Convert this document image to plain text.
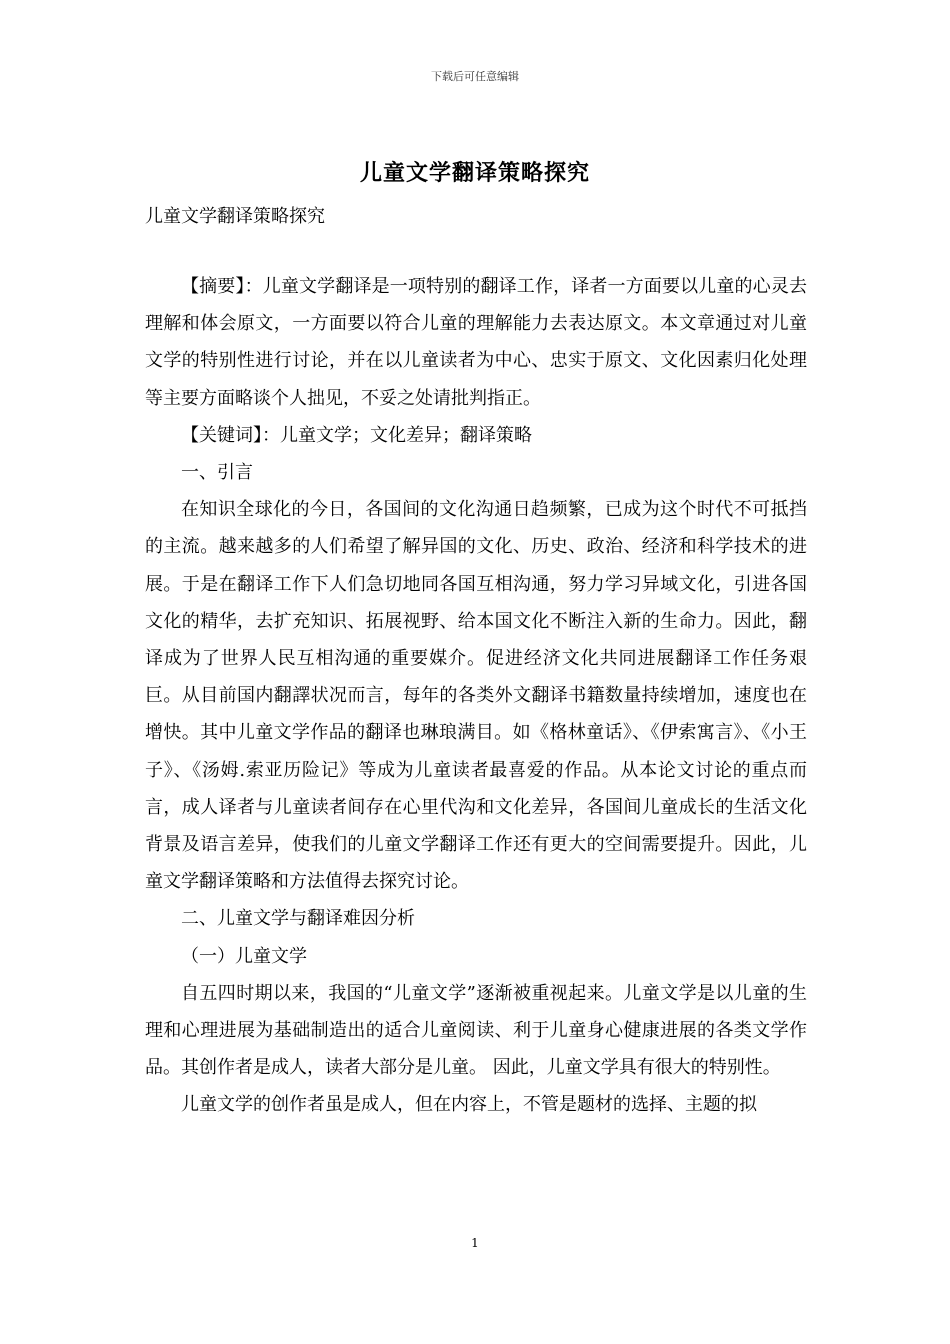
下载后可任意编辑
儿童文学翻译策略探究
儿童文学翻译策略探究

【摘要】：儿童文学翻译是一项特别的翻译工作，译者一方面要以儿童的心灵去理解和体会原文，一方面要以符合儿童的理解能力去表达原文。本文章通过对儿童文学的特别性进行讨论，并在以儿童读者为中心、忠实于原文、文化因素归化处理等主要方面略谈个人拙见，不妥之处请批判指正。

【关键词】：儿童文学；文化差异；翻译策略

一、引言

在知识全球化的今日，各国间的文化沟通日趋频繁，已成为这个时代不可抵挡的主流。越来越多的人们希望了解异国的文化、历史、政治、经济和科学技术的进展。于是在翻译工作下人们急切地同各国互相沟通，努力学习异域文化，引进各国文化的精华，去扩充知识、拓展视野、给本国文化不断注入新的生命力。因此，翻译成为了世界人民互相沟通的重要媒介。促进经济文化共同进展翻译工作任务艰巨。从目前国内翻譯状况而言，每年的各类外文翻译书籍数量持续增加，速度也在增快。其中儿童文学作品的翻译也琳琅满目。如《格林童话》、《伊索寓言》、《小王子》、《汤姆.索亚历险记》等成为儿童读者最喜爱的作品。从本论文讨论的重点而言，成人译者与儿童读者间存在心里代沟和文化差异，各国间儿童成长的生活文化背景及语言差异，使我们的儿童文学翻译工作还有更大的空间需要提升。因此，儿童文学翻译策略和方法值得去探究讨论。

二、儿童文学与翻译难因分析

（一）儿童文学

自五四时期以来，我国的“儿童文学”逐渐被重视起来。儿童文学是以儿童的生理和心理进展为基础制造出的适合儿童阅读、利于儿童身心健康进展的各类文学作品。其创作者是成人，读者大部分是儿童。 因此，儿童文学具有很大的特别性。

儿童文学的创作者虽是成人，但在内容上，不管是题材的选择、主题的拟

1
